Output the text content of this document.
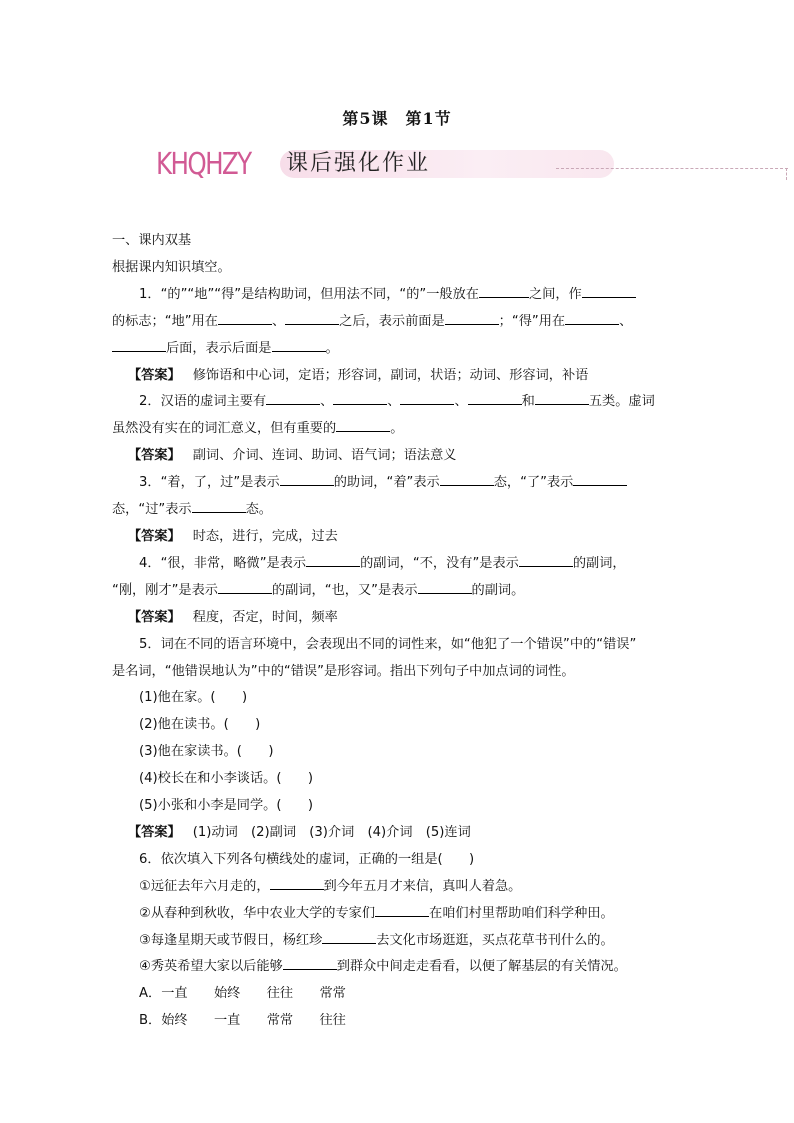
第5课　第1节
KHQHZY 课后强化作业

一、课内双基

根据课内知识填空。

1．“的”“地”“得”是结构助词，但用法不同，“的”一般放在	之间，作

的标志；“地”用在	、	之后，表示前面是	；“得”用在	、

后面，表示后面是	。

【答案】 修饰语和中心词，定语；形容词，副词，状语；动词、形容词，补语

2．汉语的虚词主要有	、	、	、	和	五类。虚词

虽然没有实在的词汇意义，但有重要的	。

【答案】 副词、介词、连词、助词、语气词；语法意义

3．“着，了，过”是表示	的助词，“着”表示	态，“了”表示

态，“过”表示	态。

【答案】 时态，进行，完成，过去

4．“很，非常，略微”是表示	的副词，“不，没有”是表示	的副词，

“刚，刚才”是表示	的副词，“也，又”是表示	的副词。

【答案】 程度，否定，时间，频率

5．词在不同的语言环境中，会表现出不同的词性来，如“他犯了一个错误”中的“错误”

是名词，“他错误地认为”中的“错误”是形容词。指出下列句子中加点词的词性。

(1)他在家。(　　)

(2)他在读书。(　　)

(3)他在家读书。(　　)

(4)校长在和小李谈话。(　　)

(5)小张和小李是同学。(　　)

【答案】 (1)动词　(2)副词　(3)介词　(4)介词　(5)连词

6．依次填入下列各句横线处的虚词，正确的一组是(　　)

①远征去年六月走的，	到今年五月才来信，真叫人着急。

②从春种到秋收，华中农业大学的专家们	在咱们村里帮助咱们科学种田。

③每逢星期天或节假日，杨红珍	去文化市场逛逛，买点花草书刊什么的。

④秀英希望大家以后能够	到群众中间走走看看，以便了解基层的有关情况。

A．一直　　始终　　往往　　常常

B．始终　　一直　　常常　　往往
